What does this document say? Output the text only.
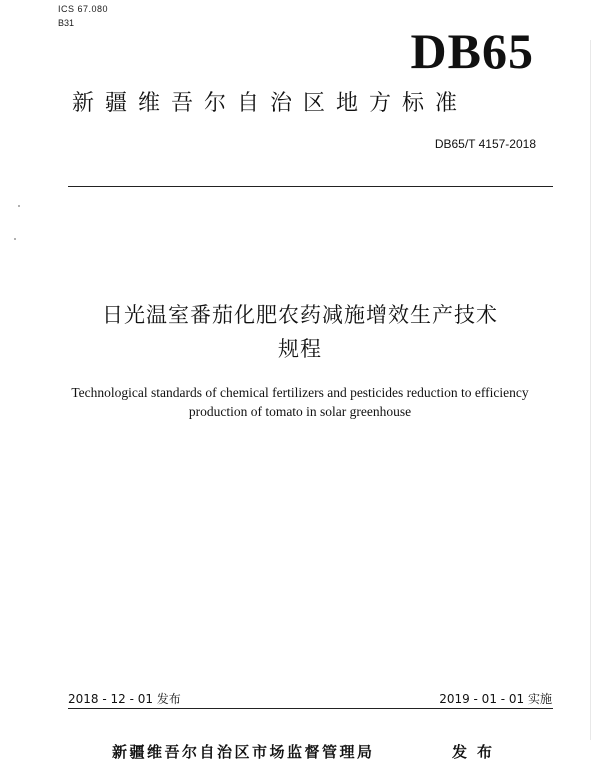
ICS 67.080
B31	DB65
新疆维吾尔自治区地方标准
DB65/T 4157-2018
日光温室番茄化肥农药减施增效生产技术
规程
Technological standards of chemical fertilizers and pesticides reduction to efficiency
production of tomato in solar greenhouse
2018 - 12 - 01 发布	2019 - 01 - 01 实施
新疆维吾尔自治区市场监督管理局	发布
